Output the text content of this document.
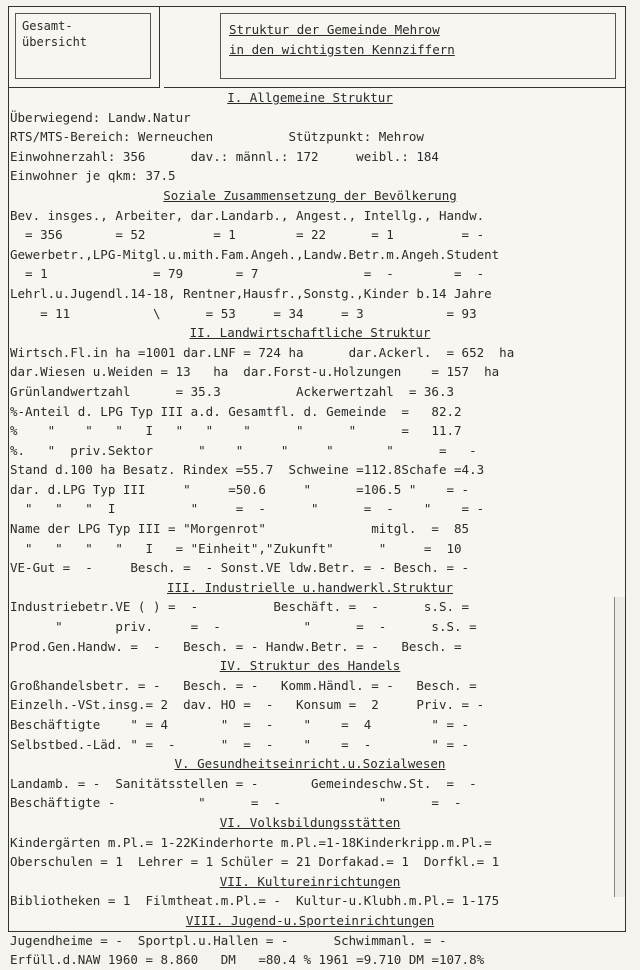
Gesamt-
übersicht
Struktur der Gemeinde Mehrow
in den wichtigsten Kennziffern
I. Allgemeine Struktur
Überwiegend: Landw.Natur
RTS/MTS-Bereich: Werneuchen          Stützpunkt: Mehrow
Einwohnerzahl: 356      dav.: männl.: 172     weibl.: 184
Einwohner je qkm: 37.5
Soziale Zusammensetzung der Bevölkerung
Bev. insges., Arbeiter, dar.Landarb., Angest., Intellg., Handw.
= 356       = 52         = 1        = 22      = 1         = -
Gewerbetr.,LPG-Mitgl.u.mith.Fam.Angeh.,Landw.Betr.m.Angeh.Student
= 1              = 79       = 7              =  -        =  -
Lehrl.u.Jugendl.14-18, Rentner,Hausfr.,Sonstg.,Kinder b.14 Jahre
= 11           \      = 53     = 34     = 3           = 93
II. Landwirtschaftliche Struktur
Wirtsch.Fl.in ha =1001 dar.LNF = 724 ha      dar.Ackerl.  = 652  ha
dar.Wiesen u.Weiden = 13   ha  dar.Forst-u.Holzungen    = 157  ha
Grünlandwertzahl      = 35.3          Ackerwertzahl  = 36.3
%-Anteil d. LPG Typ III a.d. Gesamtfl. d. Gemeinde  =   82.2
%    "    "   "   I   "   "    "      "      "      =   11.7
%.   "  priv.Sektor      "    "     "     "       "      =   -
Stand d.100 ha Besatz. Rindex =55.7  Schweine =112.8Schafe =4.3
dar. d.LPG Typ III     "     =50.6     "      =106.5 "    = -
"   "   "  I          "     =  -      "      =  -    "    = -
Name der LPG Typ III = "Morgenrot"              mitgl.  =  85
"   "   "   "   I   = "Einheit","Zukunft"      "     =  10
VE-Gut =  -     Besch. =  - Sonst.VE ldw.Betr. = - Besch. = -
III. Industrielle u.handwerkl.Struktur
Industriebetr.VE ( ) =  -          Beschäft. =  -      s.S. =
"       priv.     =  -           "      =  -      s.S. =
Prod.Gen.Handw. =  -   Besch. = - Handw.Betr. = -   Besch. =
IV. Struktur des Handels
Großhandelsbetr. = -   Besch. = -   Komm.Händl. = -   Besch. =
Einzelh.-VSt.insg.= 2  dav. HO =  -   Konsum =  2     Priv. = -
Beschäftigte    " = 4       "  =  -    "    =  4        " = -
Selbstbed.-Läd. " =  -      "  =  -    "    =  -        " = -
V. Gesundheitseinricht.u.Sozialwesen
Landamb. = -  Sanitätsstellen = -       Gemeindeschw.St.  =  -
Beschäftigte -           "      =  -             "      =  -
VI. Volksbildungsstätten
Kindergärten m.Pl.= 1-22Kinderhorte m.Pl.=1-18Kinderkripp.m.Pl.=
Oberschulen = 1  Lehrer = 1 Schüler = 21 Dorfakad.= 1  Dorfkl.= 1
VII. Kultureinrichtungen
Bibliotheken = 1  Filmtheat.m.Pl.= -  Kultur-u.Klubh.m.Pl.= 1-175
VIII. Jugend-u.Sporteinrichtungen
Jugendheime = -  Sportpl.u.Hallen = -      Schwimmanl. = -
Erfüll.d.NAW 1960 = 8.860   DM   =80.4 % 1961 =9.710 DM =107.8%
